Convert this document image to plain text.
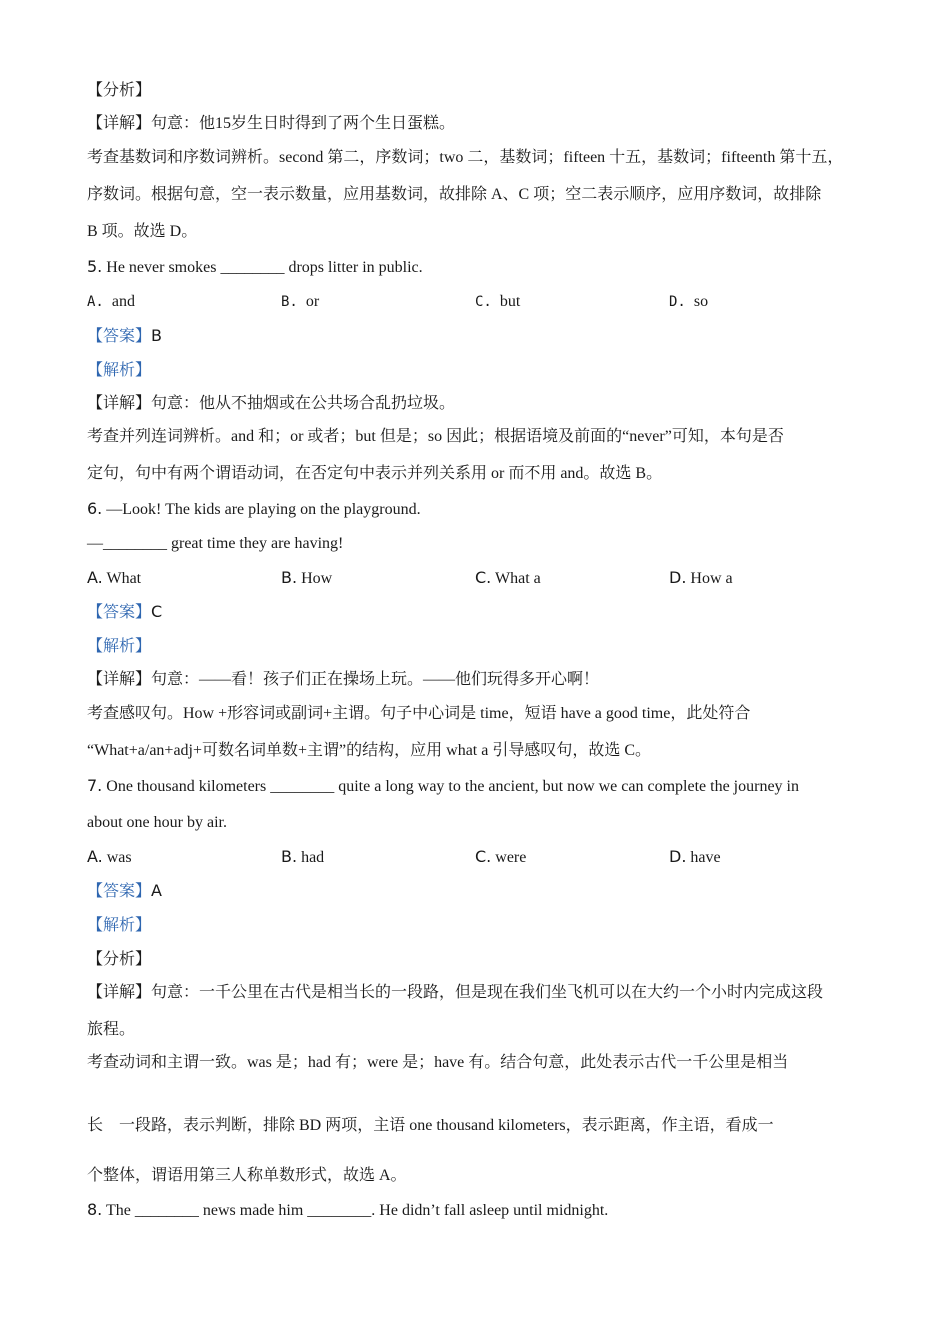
【分析】
【详解】句意：他15岁生日时得到了两个生日蛋糕。
考查基数词和序数词辨析。second 第二，序数词；two 二，基数词；fifteen 十五，基数词；fifteenth 第十五，
序数词。根据句意，空一表示数量，应用基数词，故排除 A、C 项；空二表示顺序，应用序数词，故排除
B 项。故选 D。
5. He never smokes ________ drops litter in public.
A. and	B. or	C. but	D. so
【答案】B
【解析】
【详解】句意：他从不抽烟或在公共场合乱扔垃圾。
考查并列连词辨析。and 和；or 或者；but 但是；so 因此；根据语境及前面的“never”可知，本句是否
定句，句中有两个谓语动词，在否定句中表示并列关系用 or 而不用 and。故选 B。
6. —Look! The kids are playing on the playground.
—________ great time they are having!
A. What	B. How	C. What a	D. How a
【答案】C
【解析】
【详解】句意：——看！孩子们正在操场上玩。——他们玩得多开心啊！
考查感叹句。How +形容词或副词+主谓。句子中心词是 time，短语 have a good time，此处符合
“What+a/an+adj+可数名词单数+主谓”的结构，应用 what a 引导感叹句，故选 C。
7. One thousand kilometers ________ quite a long way to the ancient, but now we can complete the journey in
about one hour by air.
A. was	B. had	C. were	D. have
【答案】A
【解析】
【分析】
【详解】句意：一千公里在古代是相当长的一段路，但是现在我们坐飞机可以在大约一个小时内完成这段
旅程。
考查动词和主谓一致。was 是；had 有；were 是；have 有。结合句意，此处表示古代一千公里是相当
长　一段路，表示判断，排除 BD 两项，主语 one thousand kilometers，表示距离，作主语，看成一
个整体，谓语用第三人称单数形式，故选 A。
8. The ________ news made him ________. He didn’t fall asleep until midnight.
